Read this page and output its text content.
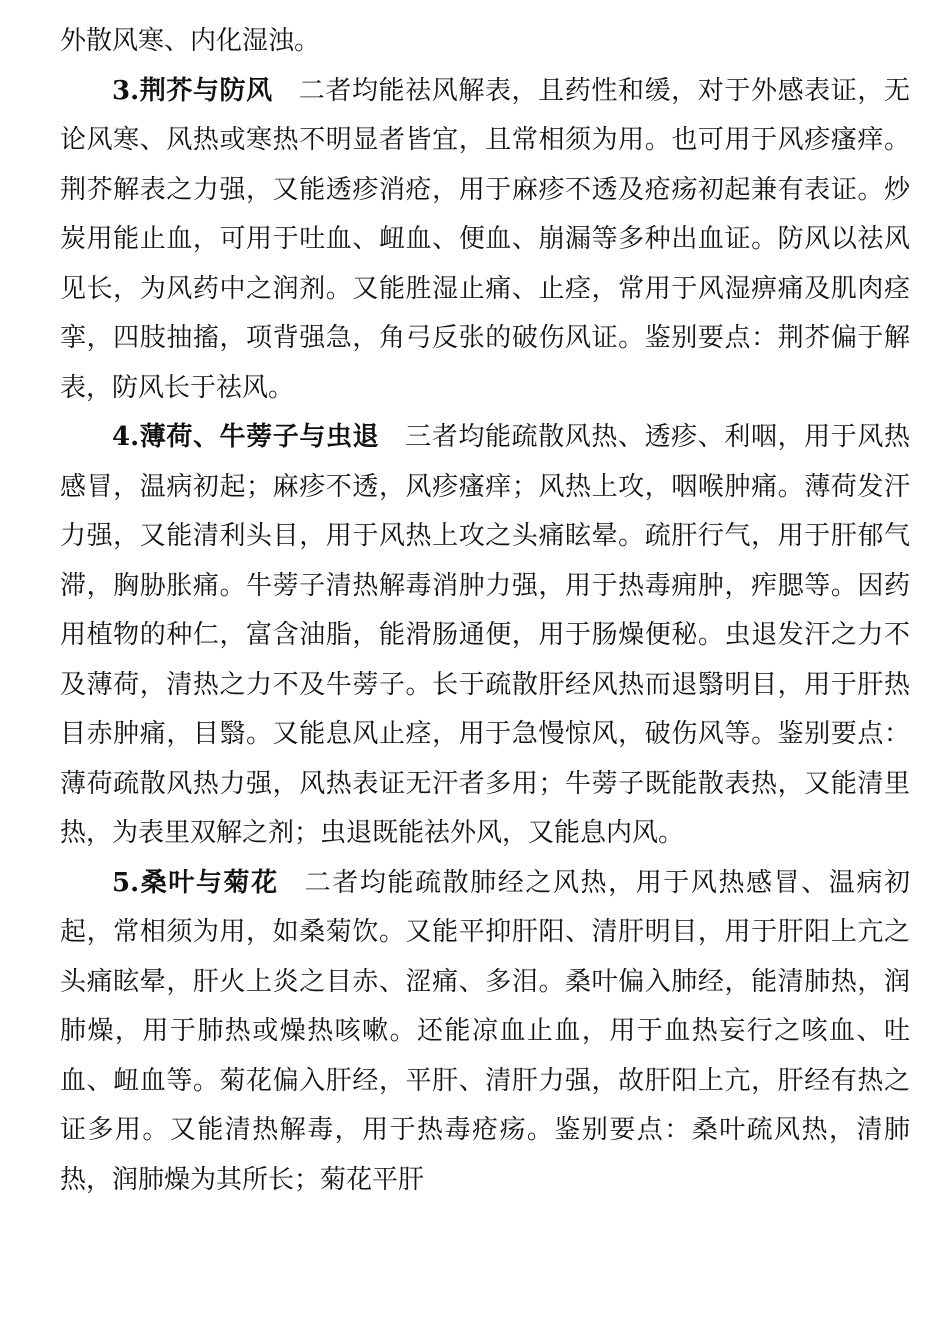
外散风寒、内化湿浊。

3.荆芥与防风 二者均能祛风解表，且药性和缓，对于外感表证，无论风寒、风热或寒热不明显者皆宜，且常相须为用。也可用于风疹瘙痒。荆芥解表之力强，又能透疹消疮，用于麻疹不透及疮疡初起兼有表证。炒炭用能止血，可用于吐血、衄血、便血、崩漏等多种出血证。防风以祛风见长，为风药中之润剂。又能胜湿止痛、止痉，常用于风湿痹痛及肌肉痉挛，四肢抽搐，项背强急，角弓反张的破伤风证。鉴别要点：荆芥偏于解表，防风长于祛风。

4.薄荷、牛蒡子与虫退 三者均能疏散风热、透疹、利咽，用于风热感冒，温病初起；麻疹不透，风疹瘙痒；风热上攻，咽喉肿痛。薄荷发汗力强，又能清利头目，用于风热上攻之头痛眩晕。疏肝行气，用于肝郁气滞，胸胁胀痛。牛蒡子清热解毒消肿力强，用于热毒痈肿，痄腮等。因药用植物的种仁，富含油脂，能滑肠通便，用于肠燥便秘。虫退发汗之力不及薄荷，清热之力不及牛蒡子。长于疏散肝经风热而退翳明目，用于肝热目赤肿痛，目翳。又能息风止痉，用于急慢惊风，破伤风等。鉴别要点：薄荷疏散风热力强，风热表证无汗者多用；牛蒡子既能散表热，又能清里热，为表里双解之剂；虫退既能祛外风，又能息内风。

5.桑叶与菊花 二者均能疏散肺经之风热，用于风热感冒、温病初起，常相须为用，如桑菊饮。又能平抑肝阳、清肝明目，用于肝阳上亢之头痛眩晕，肝火上炎之目赤、涩痛、多泪。桑叶偏入肺经，能清肺热，润肺燥，用于肺热或燥热咳嗽。还能凉血止血，用于血热妄行之咳血、吐血、衄血等。菊花偏入肝经，平肝、清肝力强，故肝阳上亢，肝经有热之证多用。又能清热解毒，用于热毒疮疡。鉴别要点：桑叶疏风热，清肺热，润肺燥为其所长；菊花平肝
